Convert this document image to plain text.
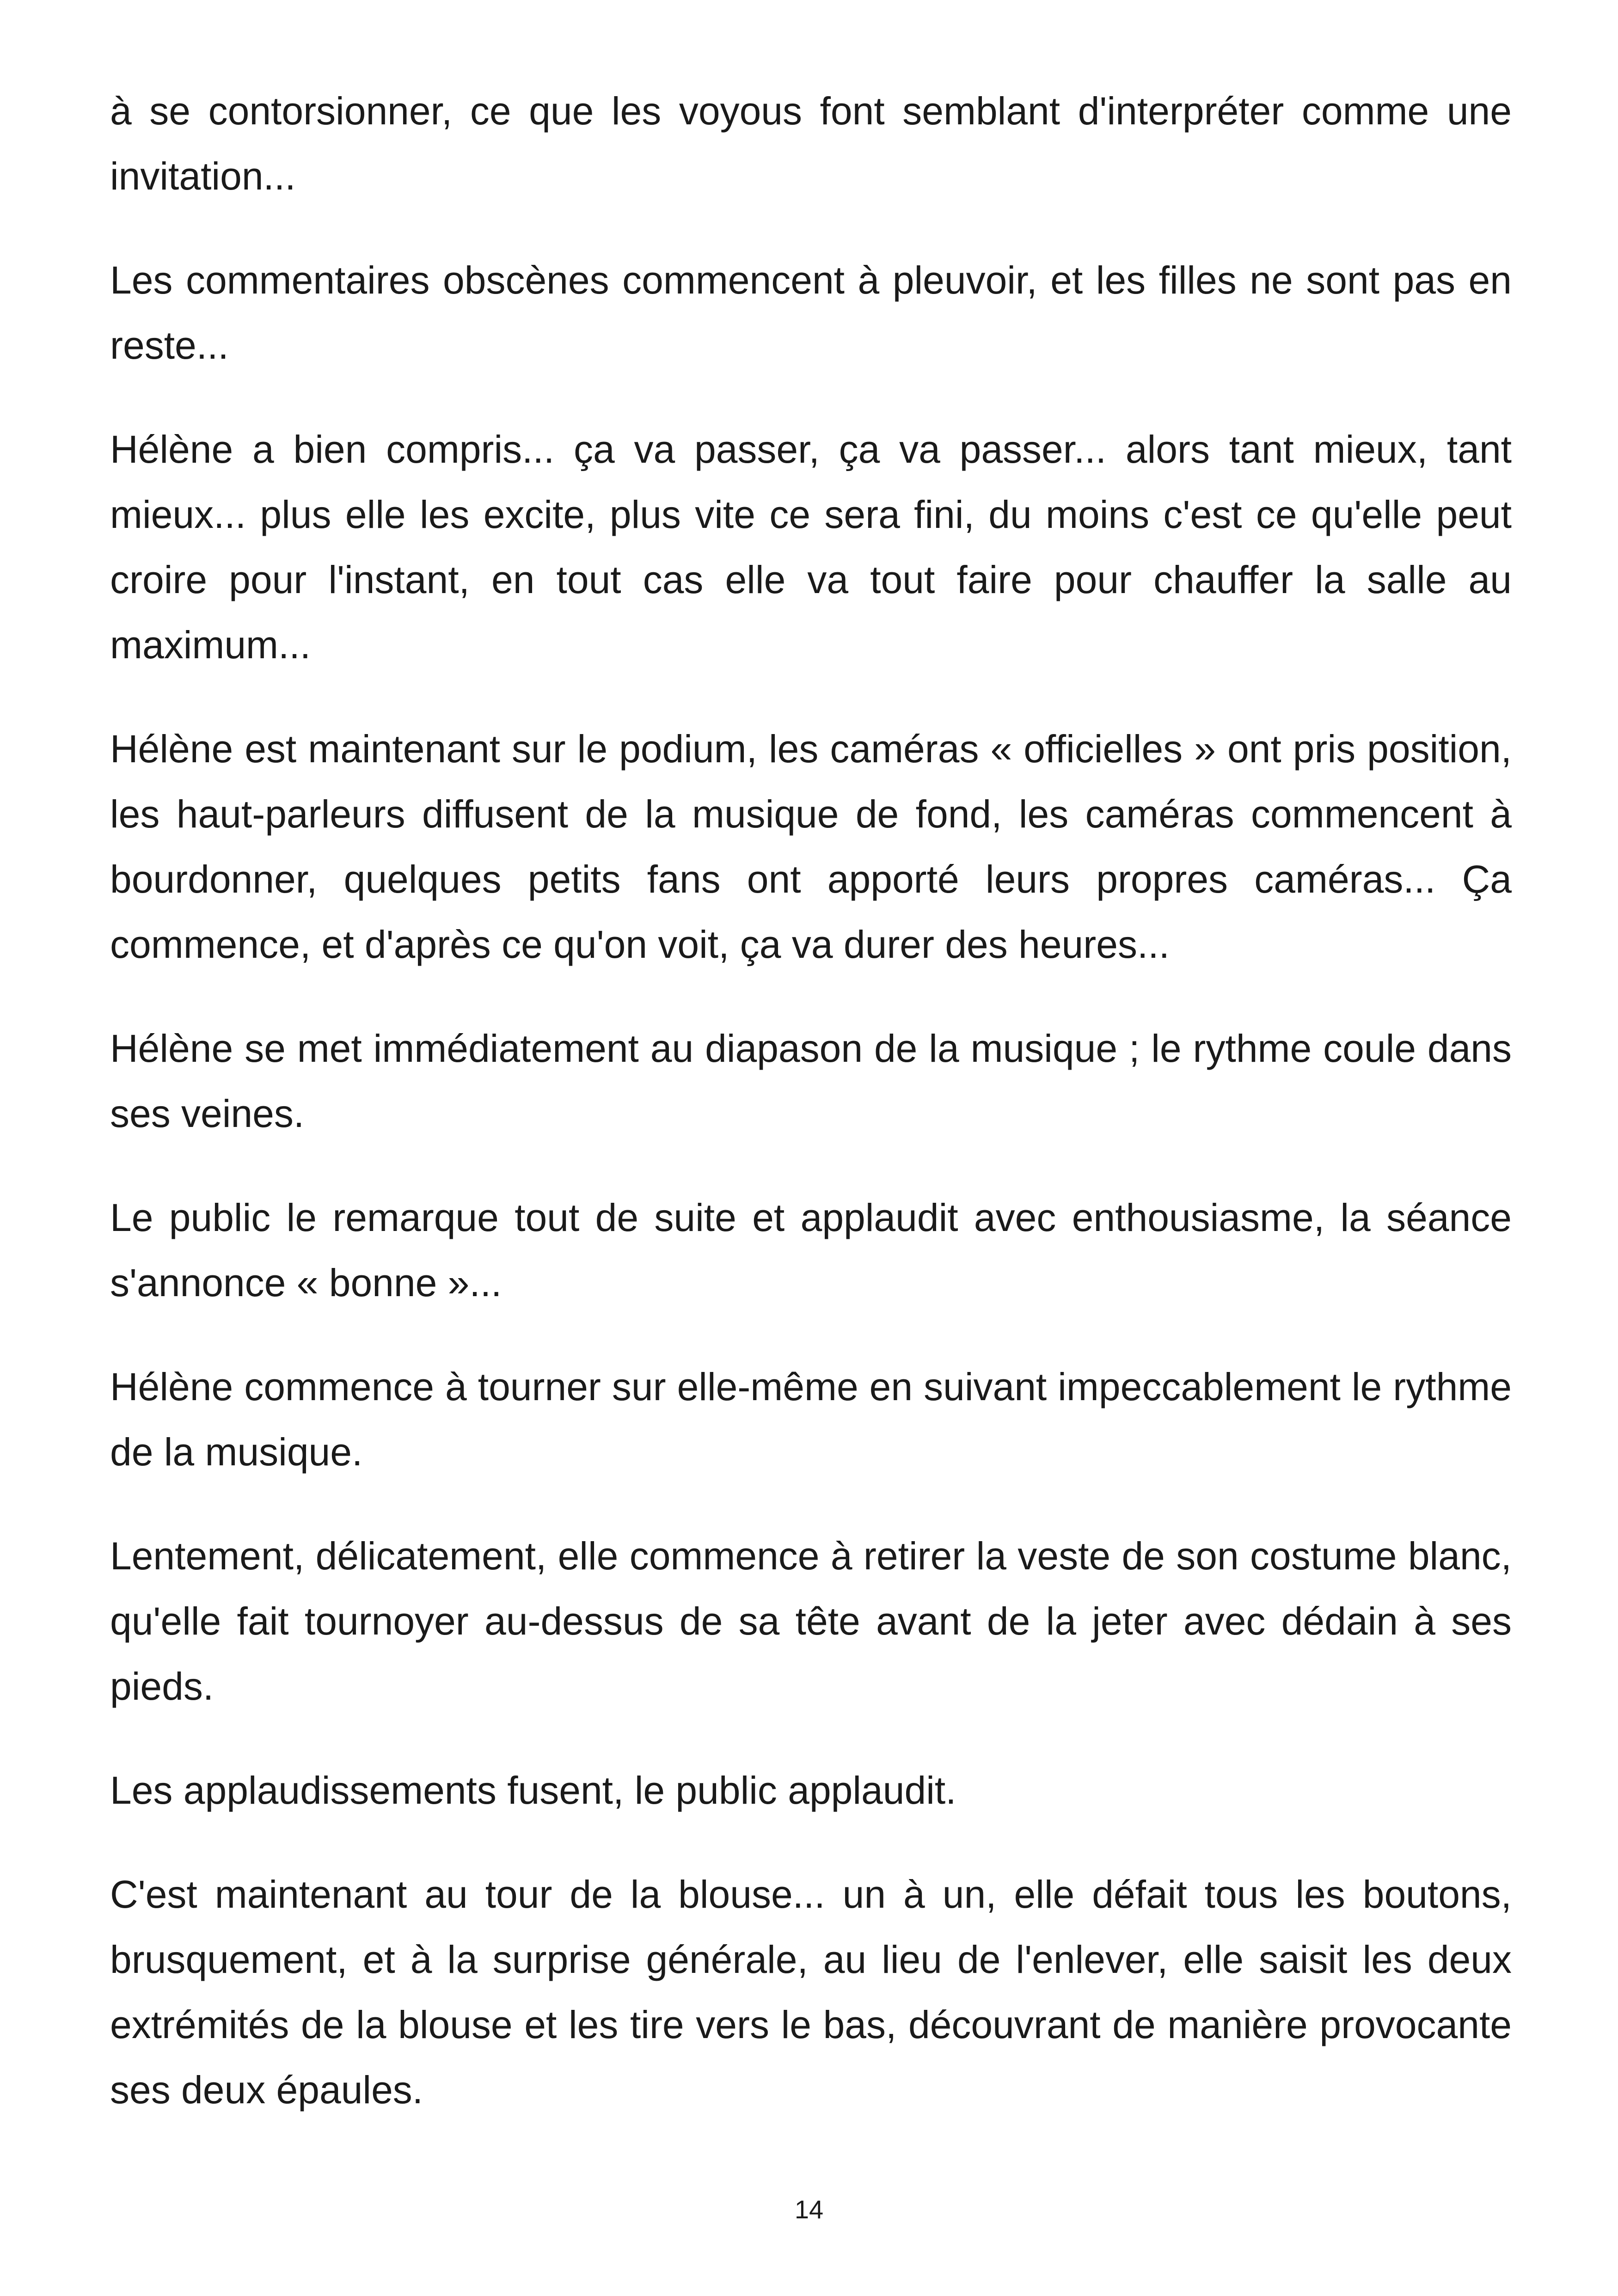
à se contorsionner, ce que les voyous font semblant d'interpréter comme une invitation...

Les commentaires obscènes commencent à pleuvoir, et les filles ne sont pas en reste...

Hélène a bien compris... ça va passer, ça va passer... alors tant mieux, tant mieux... plus elle les excite, plus vite ce sera fini, du moins c'est ce qu'elle peut croire pour l'instant, en tout cas elle va tout faire pour chauffer la salle au maximum...

Hélène est maintenant sur le podium, les caméras « officielles » ont pris position, les haut-parleurs diffusent de la musique de fond, les caméras commencent à bourdonner, quelques petits fans ont apporté leurs propres caméras... Ça commence, et d'après ce qu'on voit, ça va durer des heures...

Hélène se met immédiatement au diapason de la musique ; le rythme coule dans ses veines.

Le public le remarque tout de suite et applaudit avec enthousiasme, la séance s'annonce « bonne »...

Hélène commence à tourner sur elle-même en suivant impeccablement le rythme de la musique.

Lentement, délicatement, elle commence à retirer la veste de son costume blanc, qu'elle fait tournoyer au-dessus de sa tête avant de la jeter avec dédain à ses pieds.

Les applaudissements fusent, le public applaudit.

C'est maintenant au tour de la blouse... un à un, elle défait tous les boutons, brusquement, et à la surprise générale, au lieu de l'enlever, elle saisit les deux extrémités de la blouse et les tire vers le bas, découvrant de manière provocante ses deux épaules.

14
